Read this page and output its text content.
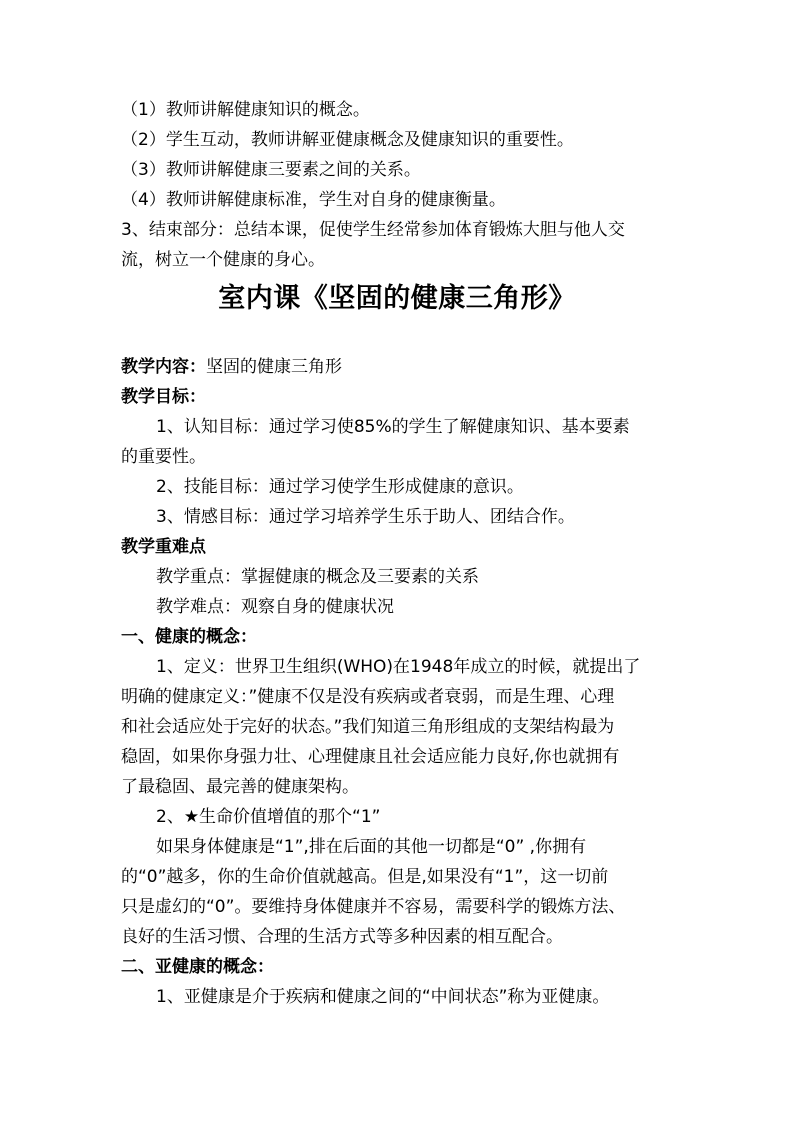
（1）教师讲解健康知识的概念。
（2）学生互动，教师讲解亚健康概念及健康知识的重要性。
（3）教师讲解健康三要素之间的关系。
（4）教师讲解健康标准，学生对自身的健康衡量。
3、结束部分：总结本课，促使学生经常参加体育锻炼大胆与他人交
流，树立一个健康的身心。
室内课《坚固的健康三角形》
教学内容：坚固的健康三角形
教学目标：
1、认知目标：通过学习使85%的学生了解健康知识、基本要素
的重要性。
2、技能目标：通过学习使学生形成健康的意识。
3、情感目标：通过学习培养学生乐于助人、团结合作。
教学重难点
教学重点：掌握健康的概念及三要素的关系
教学难点：观察自身的健康状况
一、健康的概念：
1、定义：世界卫生组织(WHO)在1948年成立的时候，就提出了
明确的健康定义：”健康不仅是没有疾病或者衰弱，而是生理、心理
和社会适应处于完好的状态。”我们知道三角形组成的支架结构最为
稳固，如果你身强力壮、心理健康且社会适应能力良好,你也就拥有
了最稳固、最完善的健康架构。
2、★生命价值增值的那个“1”
如果身体健康是“1”,排在后面的其他一切都是“0” ,你拥有
的“0”越多，你的生命价值就越高。但是,如果没有“1”，这一切前
只是虚幻的“0”。要维持身体健康并不容易，需要科学的锻炼方法、
良好的生活习惯、合理的生活方式等多种因素的相互配合。
二、亚健康的概念：
1、亚健康是介于疾病和健康之间的“中间状态”称为亚健康。
